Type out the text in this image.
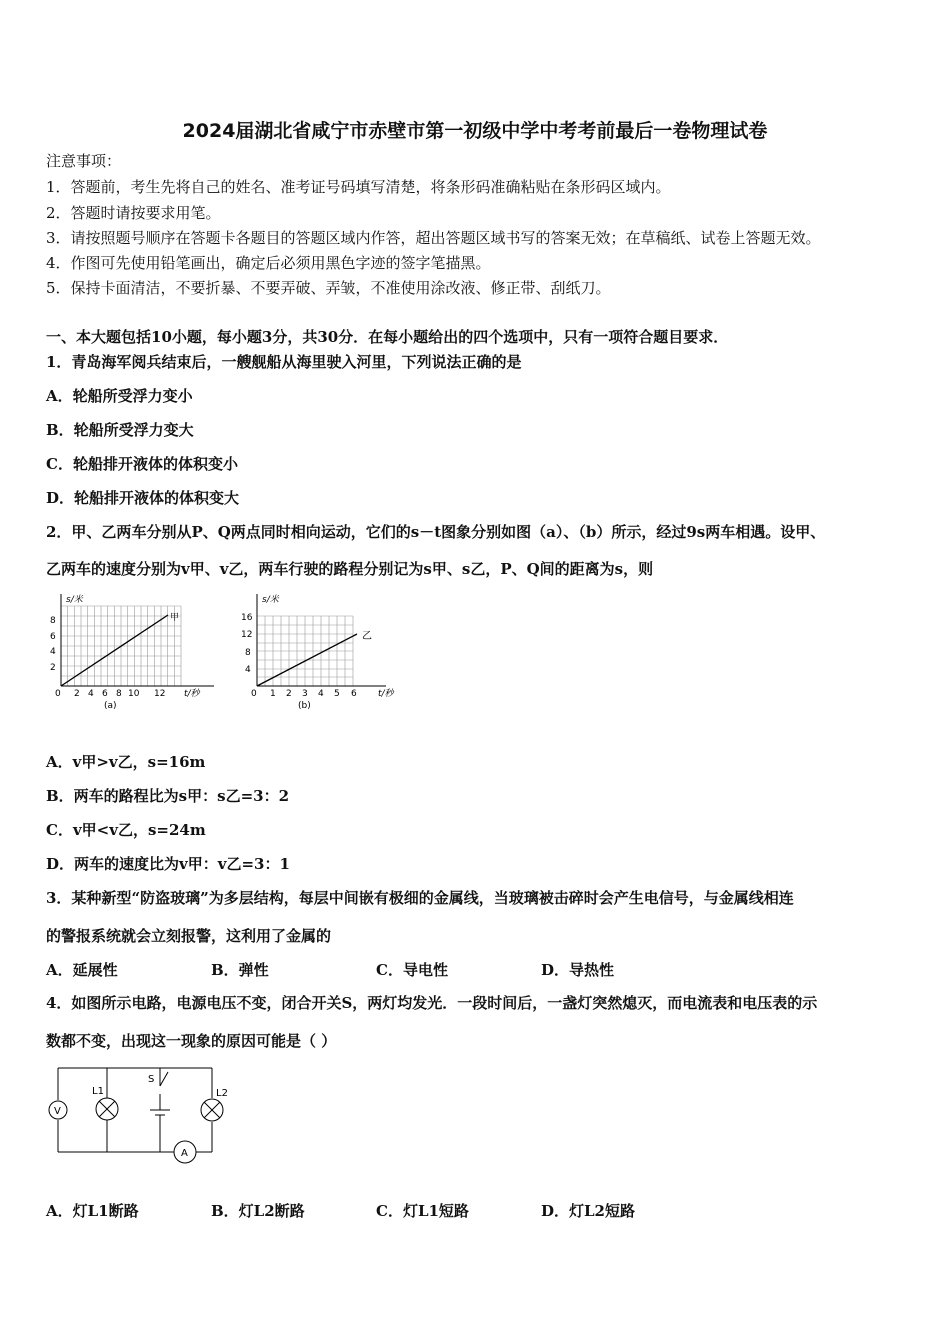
2024届湖北省咸宁市赤壁市第一初级中学中考考前最后一卷物理试卷
注意事项：
1．答题前，考生先将自己的姓名、准考证号码填写清楚，将条形码准确粘贴在条形码区域内。
2．答题时请按要求用笔。
3．请按照题号顺序在答题卡各题目的答题区域内作答，超出答题区域书写的答案无效；在草稿纸、试卷上答题无效。
4．作图可先使用铅笔画出，确定后必须用黑色字迹的签字笔描黑。
5．保持卡面清洁，不要折暴、不要弄破、弄皱，不准使用涂改液、修正带、刮纸刀。
一、本大题包括10小题，每小题3分，共30分．在每小题给出的四个选项中，只有一项符合题目要求．
1．青岛海军阅兵结束后，一艘舰船从海里驶入河里，下列说法正确的是
A．轮船所受浮力变小
B．轮船所受浮力变大
C．轮船排开液体的体积变小
D．轮船排开液体的体积变大
2．甲、乙两车分别从P、Q两点同时相向运动，它们的s－t图象分别如图（a）、（b）所示，经过9s两车相遇。设甲、
乙两车的速度分别为v甲、v乙，两车行驶的路程分别记为s甲、s乙，P、Q间的距离为s，则
s/米
甲
t/秒
2
4
6
8
0 2 4 6 8 10 12
(a)
s/米
乙
t/秒
4
8
12
16
0 1 2 3 4 5 6
(b)
A．v甲>v乙，s=16m
B．两车的路程比为s甲：s乙=3：2
C．v甲<v乙，s=24m
D．两车的速度比为v甲：v乙=3：1
3．某种新型“防盗玻璃”为多层结构，每层中间嵌有极细的金属线，当玻璃被击碎时会产生电信号，与金属线相连
的警报系统就会立刻报警，这利用了金属的
A．延展性	B．弹性	C．导电性	D．导热性
4．如图所示电路，电源电压不变，闭合开关S，两灯均发光．一段时间后，一盏灯突然熄灭，而电流表和电压表的示
数都不变，出现这一现象的原因可能是（ ）
V
A
S
L1	L2
A．灯L1断路	B．灯L2断路	C．灯L1短路	D．灯L2短路
